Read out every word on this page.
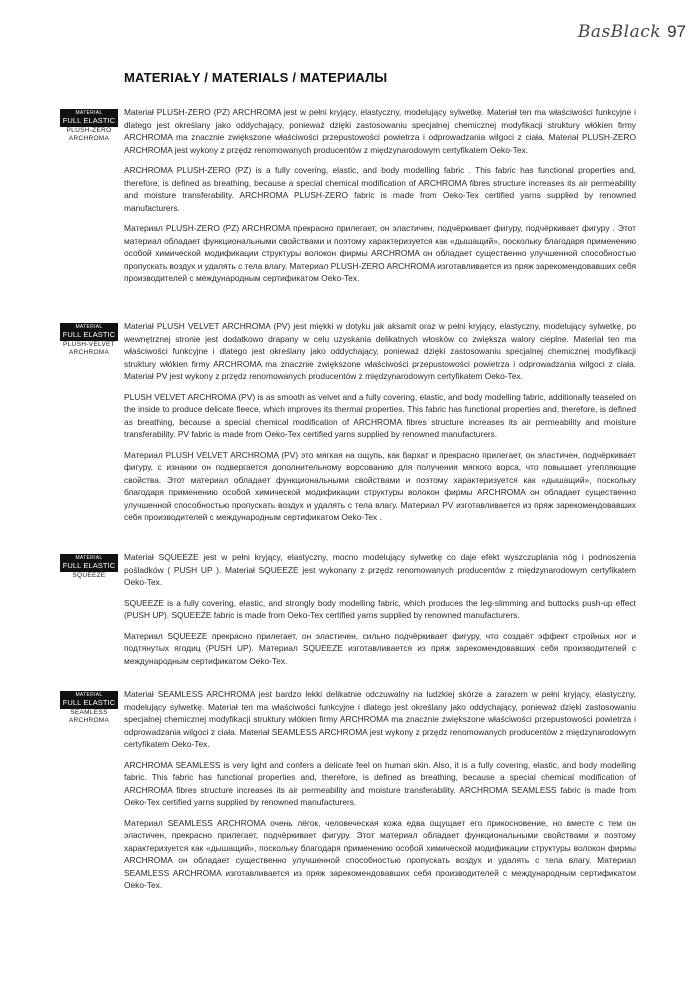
BasBlack 97
MATERIAŁY / MATERIALS / МАТЕРИАЛЫ
MATERIAL
FULL ELASTIC
PLUSH-ZERO
ARCHROMA

Materiał PLUSH-ZERO (PZ) ARCHROMA jest w pełni kryjący, elastyczny, modelujący sylwetkę. Materiał ten ma właściwości funkcyjne i dlatego jest określany jako oddychający, ponieważ dzięki zastosowaniu specjalnej chemicznej modyfikacji struktury włókien firmy ARCHROMA ma znacznie zwiększone właściwości przepustowości powietrza i odprowadzania wilgoci z ciała. Materiał PLUSH-ZERO ARCHROMA jest wykony z przędz renomowanych producentów z międzynarodowym certyfikatem Oeko-Tex.

ARCHROMA PLUSH-ZERO (PZ) is a fully covering, elastic, and body modelling fabric . This fabric has functional properties and, therefore, is defined as breathing, because a special chemical modification of ARCHROMA fibres structure increases its air permeability and moisture transferability. ARCHROMA PLUSH-ZERO fabric is made from Oeko-Tex certified yarns supplied by renowned manufacturers.

Материал PLUSH-ZERO (PZ) ARCHROMA прекрасно прилегает, он эластичен, подчёркивает фигуру, подчёркивает фигуру . Этот материал обладает функциональными свойствами и поэтому характеризуется как «дышащий», поскольку благодаря применению особой химической модификации структуры волокон фирмы ARCHROMA он обладает существенно улучшенной способностью пропускать воздух и удалять с тела влагу. Материал PLUSH-ZERO ARCHROMA изготавливается из пряж зарекомендовавших себя производителей с международным сертификатом Oeko-Tex.

MATERIAL
FULL ELASTIC
PLUSH-VELVET
ARCHROMA

Materiał PLUSH VELVET ARCHROMA (PV) jest miękki w dotyku jak aksamit oraz w pełni kryjący, elastyczny, modelujący sylwetkę, po wewnętrznej stronie jest dodatkowo drapany w celu uzyskania delikatnych włosków co zwiększa walory cieplne. Materiał ten ma właściwości funkcyjne i dlatego jest określany jako oddychający, ponieważ dzięki zastosowaniu specjalnej chemicznej modyfikacji struktury włókien firmy ARCHROMA ma znacznie zwiększone właściwości przepustowości powietrza i odprowadzania wilgoci z ciała. Materiał PV jest wykony z przędz renomowanych producentów z międzynarodowym certyfikatem Oeko-Tex.

PLUSH VELVET ARCHROMA (PV) is as smooth as velvet and a fully covering, elastic, and body modelling fabric, additionally teaseled on the inside to produce delicate fleece, which improves its thermal properties. This fabric has functional properties and, therefore, is defined as breathing, because a special chemical modification of ARCHROMA fibres structure increases its air permeability and moisture transferability. PV fabric is made from Oeko-Tex certified yarns supplied by renowned manufacturers.

Материал PLUSH VELVET ARCHROMA (PV) это мягкая на ощупь, как бархат и прекрасно прилегает, он эластичен, подчёркивает фигуру, с изнанки он подвергается дополнительному ворсованию для получения мягкого ворса, что повышает утепляющие свойства. Этот материал обладает функциональными свойствами и поэтому характеризуется как «дышащий», поскольку благодаря применению особой химической модификации структуры волокон фирмы ARCHROMA он обладает существенно улучшенной способностью пропускать воздух и удалять с тела влагу. Материал PV изготавливается из пряж зарекомендовавших себя производителей с международным сертификатом Oeko-Tex .

MATERIAL
FULL ELASTIC
SQUEEZE

Materiał SQUEEZE jest w pełni kryjący, elastyczny, mocno modelujący sylwetkę co daje efekt wyszczuplania nóg i podnoszenia pośladków ( PUSH UP ). Materiał SQUEEZE jest wykonany z przędz renomowanych producentów z międzynarodowym certyfikatem Oeko-Tex.

SQUEEZE is a fully covering, elastic, and strongly body modelling fabric, which produces the leg-slimming and buttocks push-up effect (PUSH UP). SQUEEZE fabric is made from Oeko-Tex certified yarns supplied by renowned manufacturers.

Материал SQUEEZE прекрасно прилегает, он эластичен, сильно подчёркивает фигуру, что создаёт эффект стройных ног и подтянутых ягодиц (PUSH UP). Материал SQUEEZE изготавливается из пряж зарекомендовавших себя производителей с международным сертификатом Oeko-Tex.

MATERIAL
FULL ELASTIC
SEAMLESS
ARCHROMA

Materiał SEAMLESS ARCHROMA jest bardzo lekki delikatnie odczuwalny na ludzkiej skórze a zarazem w pełni kryjący, elastyczny, modelujący sylwetkę. Materiał ten ma właściwości funkcyjne i dlatego jest określany jako oddychający, ponieważ dzięki zastosowaniu specjalnej chemicznej modyfikacji struktury włókien firmy ARCHROMA ma znacznie zwiększone właściwości przepustowości powietrza i odprowadzania wilgoci z ciała. Materiał SEAMLESS ARCHROMA jest wykony z przędz renomowanych producentów z międzynarodowym certyfikatem Oeko-Tex.

ARCHROMA SEAMLESS is very light and confers a delicate feel on human skin. Also, it is a fully covering, elastic, and body modelling fabric. This fabric has functional properties and, therefore, is defined as breathing, because a special chemical modification of ARCHROMA fibres structure increases its air permeability and moisture transferability. ARCHROMA SEAMLESS fabric is made from Oeko-Tex certified yarns supplied by renowned manufacturers.

Материал SEAMLESS ARCHROMA очень лёгок, человеческая кожа едва ощущает его прикосновение, но вместе с тем он эластичен, прекрасно прилегает, подчёркивает фигуру. Этот материал обладает функциональными свойствами и поэтому характеризуется как «дышащий», поскольку благодаря применению особой химической модификации структуры волокон фирмы ARCHROMA он обладает существенно улучшенной способностью пропускать воздух и удалять с тела влагу. Материал SEAMLESS ARCHROMA изготавливается из пряж зарекомендовавших себя производителей с международным сертификатом Oeko-Tex.
